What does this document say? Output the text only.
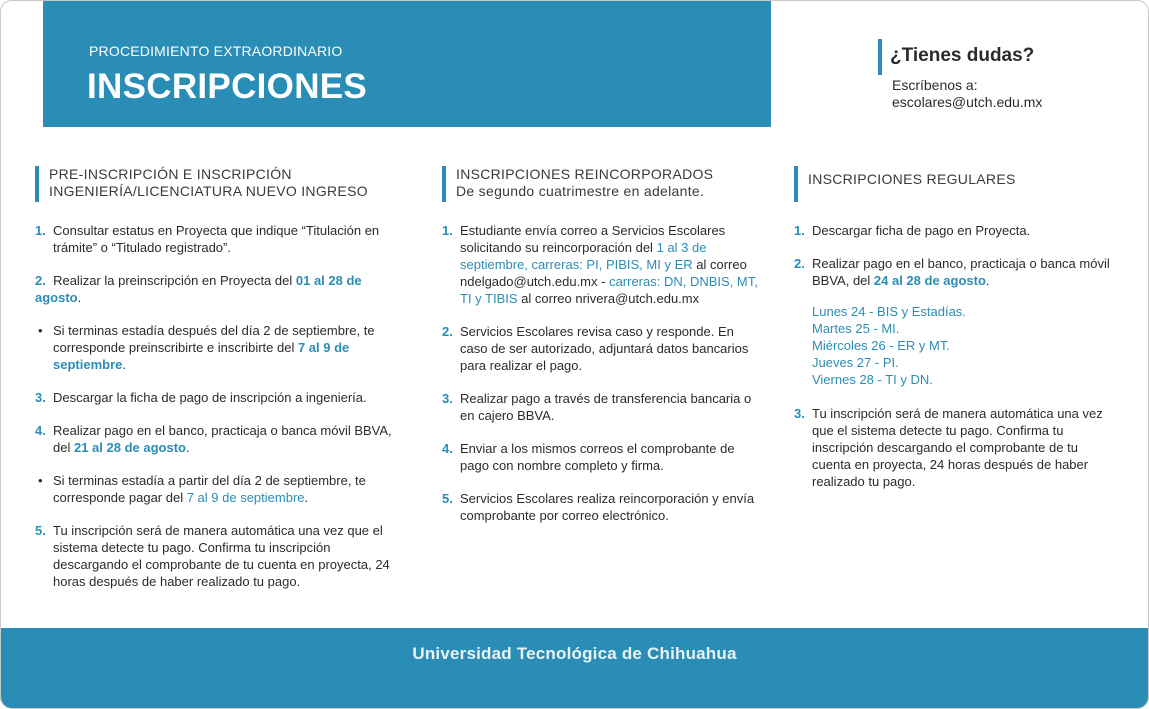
PROCEDIMIENTO EXTRAORDINARIO
INSCRIPCIONES
¿Tienes dudas?
Escríbenos a:
escolares@utch.edu.mx
PRE-INSCRIPCIÓN E INSCRIPCIÓN
INGENIERÍA/LICENCIATURA NUEVO INGRESO
1. Consultar estatus en Proyecta que indique “Titulación en trámite” o “Titulado registrado”.
2. Realizar la preinscripción en Proyecta del 01 al 28 de agosto.
• Si terminas estadía después del día 2 de septiembre, te corresponde preinscribirte e inscribirte del 7 al 9 de septiembre.
3. Descargar la ficha de pago de inscripción a ingeniería.
4. Realizar pago en el banco, practicaja o banca móvil BBVA, del 21 al 28 de agosto.
• Si terminas estadía a partir del día 2 de septiembre, te corresponde pagar del 7 al 9 de septiembre.
5. Tu inscripción será de manera automática una vez que el sistema detecte tu pago. Confirma tu inscripción descargando el comprobante de tu cuenta en proyecta, 24 horas después de haber realizado tu pago.
INSCRIPCIONES REINCORPORADOS
De segundo cuatrimestre en adelante.
1. Estudiante envía correo a Servicios Escolares solicitando su reincorporación del 1 al 3 de septiembre, carreras: PI, PIBIS, MI y ER al correo ndelgado@utch.edu.mx - carreras: DN, DNBIS, MT, TI y TIBIS al correo nrivera@utch.edu.mx
2. Servicios Escolares revisa caso y responde. En caso de ser autorizado, adjuntará datos bancarios para realizar el pago.
3. Realizar pago a través de transferencia bancaria o en cajero BBVA.
4. Enviar a los mismos correos el comprobante de pago con nombre completo y firma.
5. Servicios Escolares realiza reincorporación y envía comprobante por correo electrónico.
INSCRIPCIONES REGULARES
1. Descargar ficha de pago en Proyecta.
2. Realizar pago en el banco, practicaja o banca móvil BBVA, del 24 al 28 de agosto.
Lunes 24 - BIS y Estadías.
Martes 25 - MI.
Miércoles 26 - ER y MT.
Jueves 27 - PI.
Viernes 28 - TI y DN.
3. Tu inscripción será de manera automática una vez que el sistema detecte tu pago. Confirma tu inscripción descargando el comprobante de tu cuenta en proyecta, 24 horas después de haber realizado tu pago.
Universidad Tecnológica de Chihuahua
